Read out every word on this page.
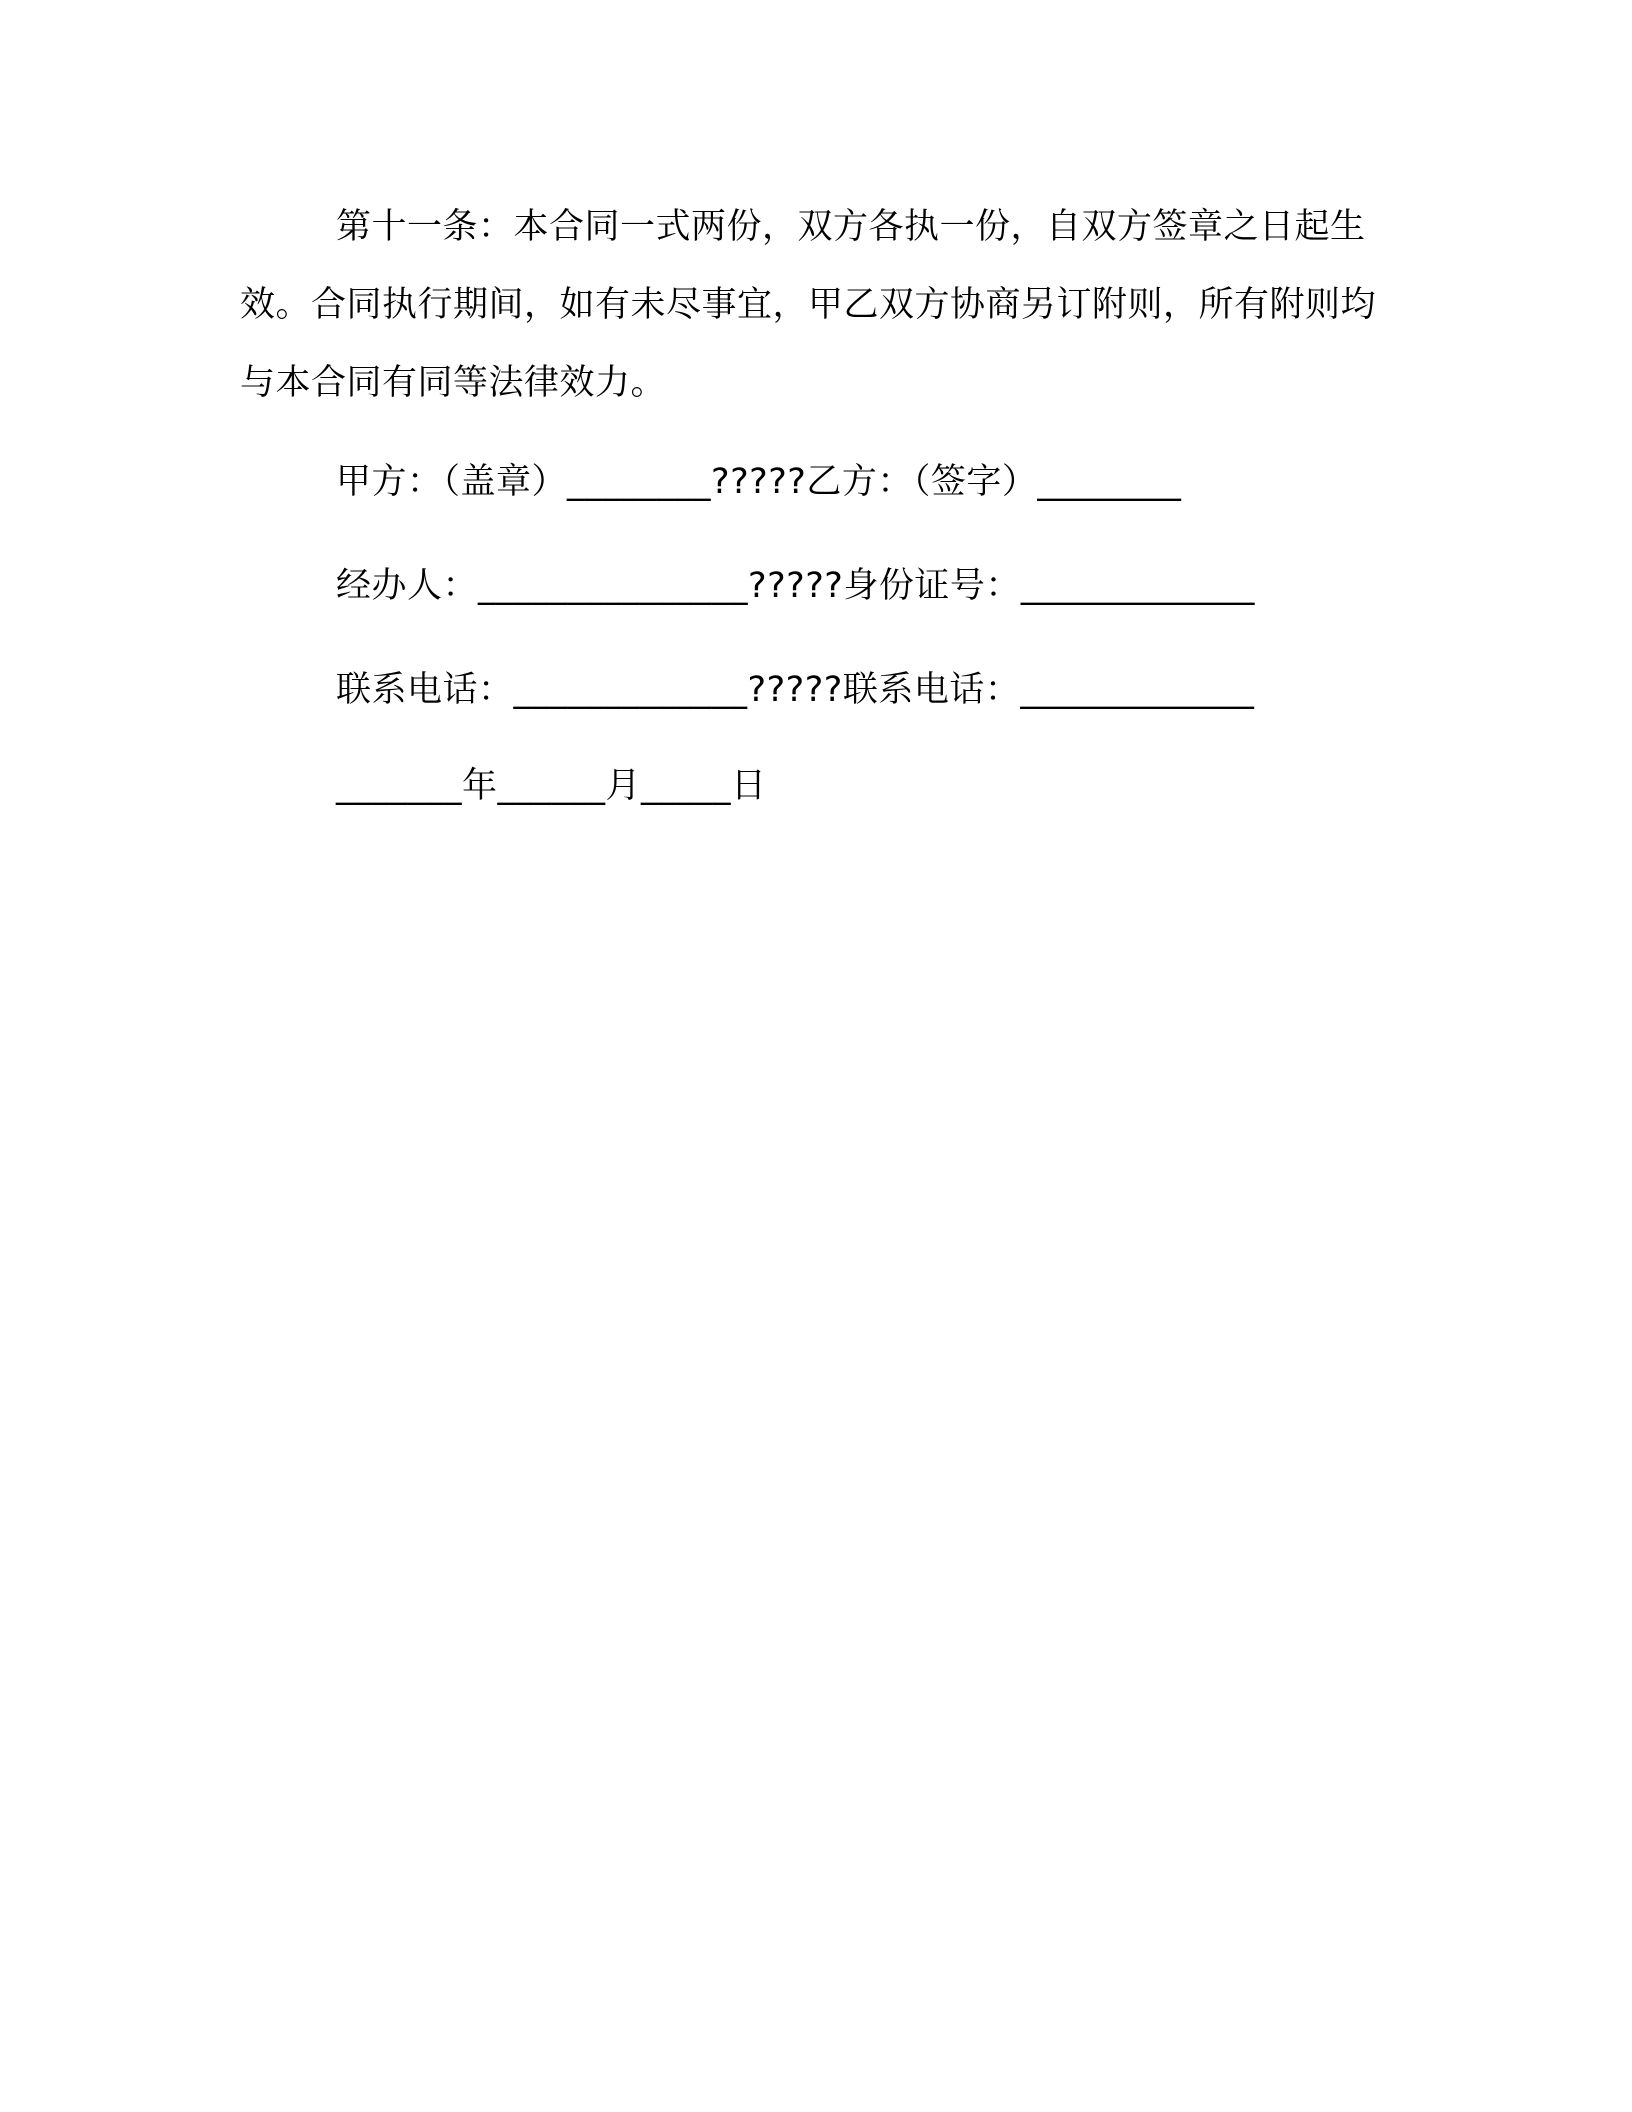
第十一条：本合同一式两份，双方各执一份，自双方签章之日起生效。合同执行期间，如有未尽事宜，甲乙双方协商另订附则，所有附则均与本合同有同等法律效力。

甲方：（盖章）________?????乙方：（签字）________

经办人：_______________?????身份证号：_____________

联系电话：_____________?????联系电话：_____________

_______年______月_____日
